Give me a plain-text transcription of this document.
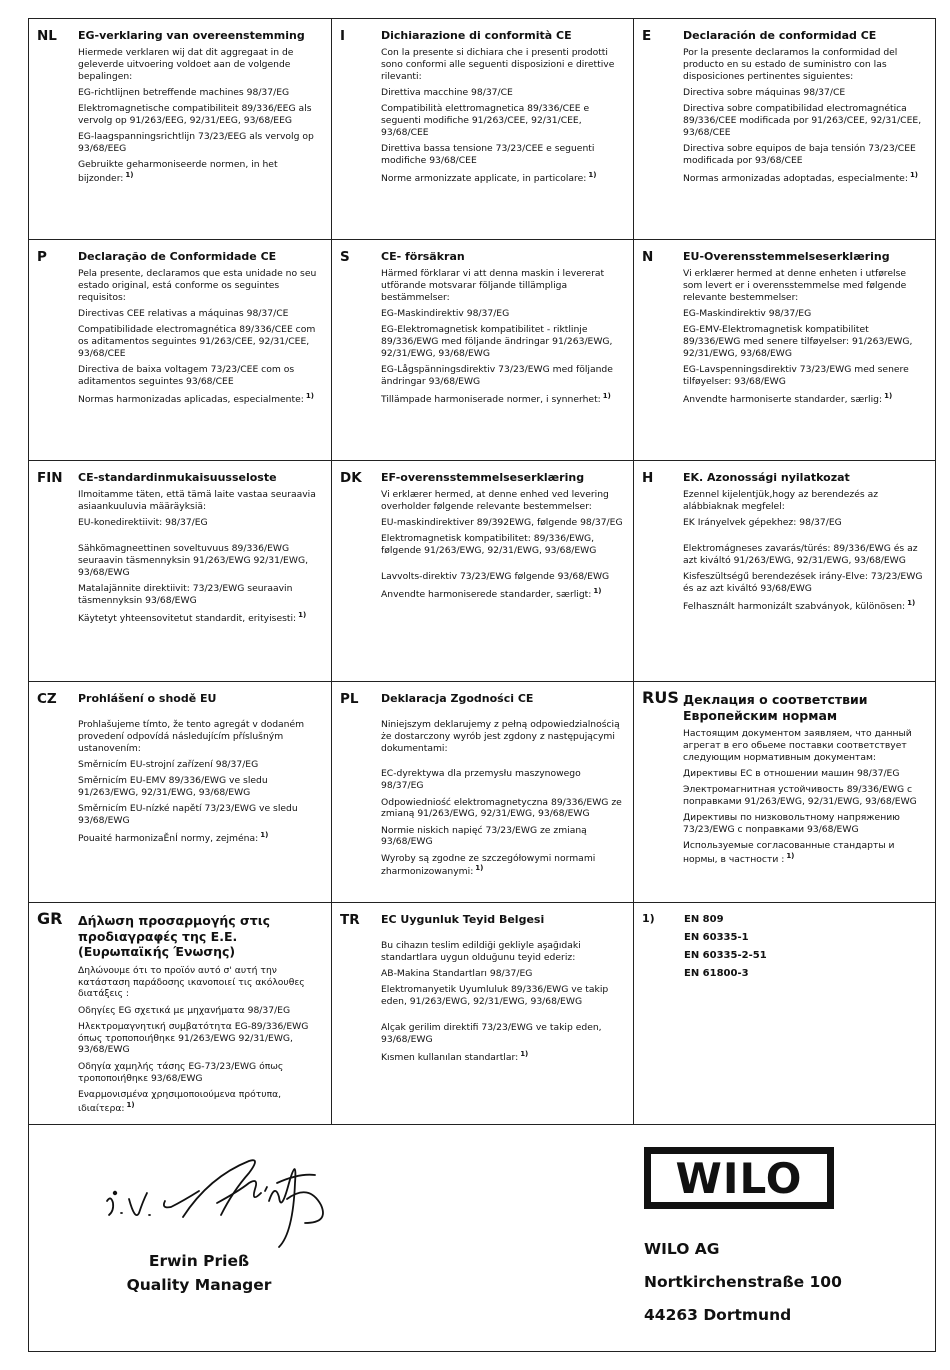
NL EG-verklaring van overeenstemming
Hiermede verklaren wij dat dit aggregaat in de geleverde uitvoering voldoet aan de volgende bepalingen:
EG-richtlijnen betreffende machines 98/37/EG
Elektromagnetische compatibiliteit 89/336/EEG als vervolg op 91/263/EEG, 92/31/EEG, 93/68/EEG
EG-laagspanningsrichtlijn 73/23/EEG als vervolg op 93/68/EEG
Gebruikte geharmoniseerde normen, in het bijzonder: $^{1)}$
I	Dichiarazione di conformità CE
Con la presente si dichiara che i presenti prodotti sono conformi alle seguenti disposizioni e direttive rilevanti:
Direttiva macchine 98/37/CE
Compatibilità elettromagnetica 89/336/CEE e seguenti modifiche 91/263/CEE, 92/31/CEE, 93/68/CEE
Direttiva bassa tensione 73/23/CEE e seguenti modifiche 93/68/CEE
Norme armonizzate applicate, in particolare: $^{1)}$
E	Declaración de conformidad CE
Por la presente declaramos la conformidad del producto en su estado de suministro con las disposiciones pertinentes siguientes:
Directiva sobre máquinas 98/37/CE
Directiva sobre compatibilidad electromagnética 89/336/CEE modificada por 91/263/CEE, 92/31/CEE, 93/68/CEE
Directiva sobre equipos de baja tensión 73/23/CEE modificada por 93/68/CEE
Normas armonizadas adoptadas, especialmente: $^{1)}$
P	Declaração de Conformidade CE
Pela presente, declaramos que esta unidade no seu estado original, está conforme os seguintes requisitos:
Directivas CEE relativas a máquinas 98/37/CE
Compatibilidade electromagnética 89/336/CEE com os aditamentos seguintes 91/263/CEE, 92/31/CEE, 93/68/CEE
Directiva de baixa voltagem 73/23/CEE com os aditamentos seguintes 93/68/CEE
Normas harmonizadas aplicadas, especialmente: $^{1)}$
S	CE- försäkran
Härmed förklarar vi att denna maskin i levererat utförande motsvarar följande tillämpliga bestämmelser:
EG-Maskindirektiv 98/37/EG
EG-Elektromagnetisk kompatibilitet - riktlinje 89/336/EWG med följande ändringar 91/263/EWG, 92/31/EWG, 93/68/EWG
EG-Lågspänningsdirektiv 73/23/EWG med följande ändringar 93/68/EWG
Tillämpade harmoniserade normer, i synnerhet: $^{1)}$
N	EU-Overensstemmelseserklæring
Vi erklærer hermed at denne enheten i utførelse som levert er i overensstemmelse med følgende relevante bestemmelser:
EG-Maskindirektiv 98/37/EG
EG-EMV-Elektromagnetisk kompatibilitet 89/336/EWG med senere tilføyelser: 91/263/EWG, 92/31/EWG, 93/68/EWG
EG-Lavspenningsdirektiv 73/23/EWG med senere tilføyelser: 93/68/EWG
Anvendte harmoniserte standarder, særlig: $^{1)}$
FIN CE-standardinmukaisuusseloste
Ilmoitamme täten, että tämä laite vastaa seuraavia asiaankuuluvia määräyksiä:
EU-konedirektiivit: 98/37/EG
Sähkömagneettinen soveltuvuus 89/336/EWG seuraavin täsmennyksin 91/263/EWG 92/31/EWG, 93/68/EWG
Matalajännite direktiivit: 73/23/EWG seuraavin täsmennyksin 93/68/EWG
Käytetyt yhteensovitetut standardit, erityisesti: $^{1)}$
DK EF-overensstemmelseserklæring
Vi erklærer hermed, at denne enhed ved levering overholder følgende relevante bestemmelser:
EU-maskindirektiver 89/392EWG, følgende 98/37/EG
Elektromagnetisk kompatibilitet: 89/336/EWG, følgende 91/263/EWG, 92/31/EWG, 93/68/EWG
Lavvolts-direktiv 73/23/EWG følgende 93/68/EWG
Anvendte harmoniserede standarder, særligt: $^{1)}$
H	EK. Azonossági nyilatkozat
Ezennel kijelentjük,hogy az berendezés az alábbiaknak megfelel:
EK Irányelvek gépekhez: 98/37/EG
Elektromágneses zavarás/türés: 89/336/EWG és az azt kiváltó 91/263/EWG, 92/31/EWG, 93/68/EWG
Kisfeszültségű berendezések irány-Elve: 73/23/EWG és az azt kiváltó 93/68/EWG
Felhasznált harmonizált szabványok, különösen: $^{1)}$
CZ Prohlášení o shodě EU
Prohlašujeme tímto, že tento agregát v dodaném provedení odpovídá následujícím příslušným ustanovením:
Směrnicím EU-strojní zařízení 98/37/EG
Směrnicím EU-EMV 89/336/EWG ve sledu 91/263/EWG, 92/31/EWG, 93/68/EWG
Směrnicím EU-nízké napětí 73/23/EWG ve sledu 93/68/EWG
Pouaité harmonizaĚnÍ normy, zejména: $^{1)}$
PL Deklaracja Zgodności CE
Niniejszym deklarujemy z pełną odpowiedzialnością że dostarczony wyrób jest zgdony z następującymi dokumentami:
EC-dyrektywa dla przemysłu maszynowego 98/37/EG
Odpowiedniość elektromagnetyczna 89/336/EWG ze zmianą 91/263/EWG, 92/31/EWG, 93/68/EWG
Normie niskich napięć 73/23/EWG ze zmianą 93/68/EWG
Wyroby są zgodne ze szczegółowymi normami zharmonizowanymi: $^{1)}$
RUS Деклация о соответствии Европейским нормам
Настоящим документом заявляем, что данный агрегат в его обьеме поставки соответствует следующим нормативным документам:
Директивы ЕС в отношении машин 98/37/EG
Электромагнитная устойчивость 89/336/EWG с поправками 91/263/EWG, 92/31/EWG, 93/68/EWG
Директивы по низковольтному напряжению 73/23/EWG с поправками 93/68/EWG
Используемые согласованные стандарты и нормы, в частности : $^{1)}$
GR Δήλωση προσαρμογής στις προδιαγραφές της Ε.Ε. (Ευρωπαϊκής Ένωσης)
Δηλώνουμε ότι το προϊόν αυτό σ' αυτή την κατάσταση παράδοσης ικανοποιεί τις ακόλουθες διατάξεις :
Οδηγίες EG σχετικά με μηχανήματα 98/37/EG
Ηλεκτρομαγνητική συμβατότητα EG-89/336/EWG όπως τροποποιήθηκε 91/263/EWG 92/31/EWG, 93/68/EWG
Οδηγία χαμηλής τάσης EG-73/23/EWG όπως τροποποιήθηκε 93/68/EWG
Εναρμονισμένα χρησιμοποιούμενα πρότυπα, ιδιαίτερα: $^{1)}$
TR EC Uygunluk Teyid Belgesi
Bu cihazın teslim edildiği gekliyle aşağıdaki standartlara uygun olduğunu teyid ederiz:
AB-Makina Standartları 98/37/EG
Elektromanyetik Uyumluluk 89/336/EWG ve takip eden, 91/263/EWG, 92/31/EWG, 93/68/EWG
Alçak gerilim direktifi 73/23/EWG ve takip eden, 93/68/EWG
Kısmen kullanılan standartlar: $^{1)}$
1)	EN 809
EN 60335-1
EN 60335-2-51
EN 61800-3
Erwin Prieß
Quality Manager
WILO
WILO AG
Nortkirchenstraße 100
44263 Dortmund
